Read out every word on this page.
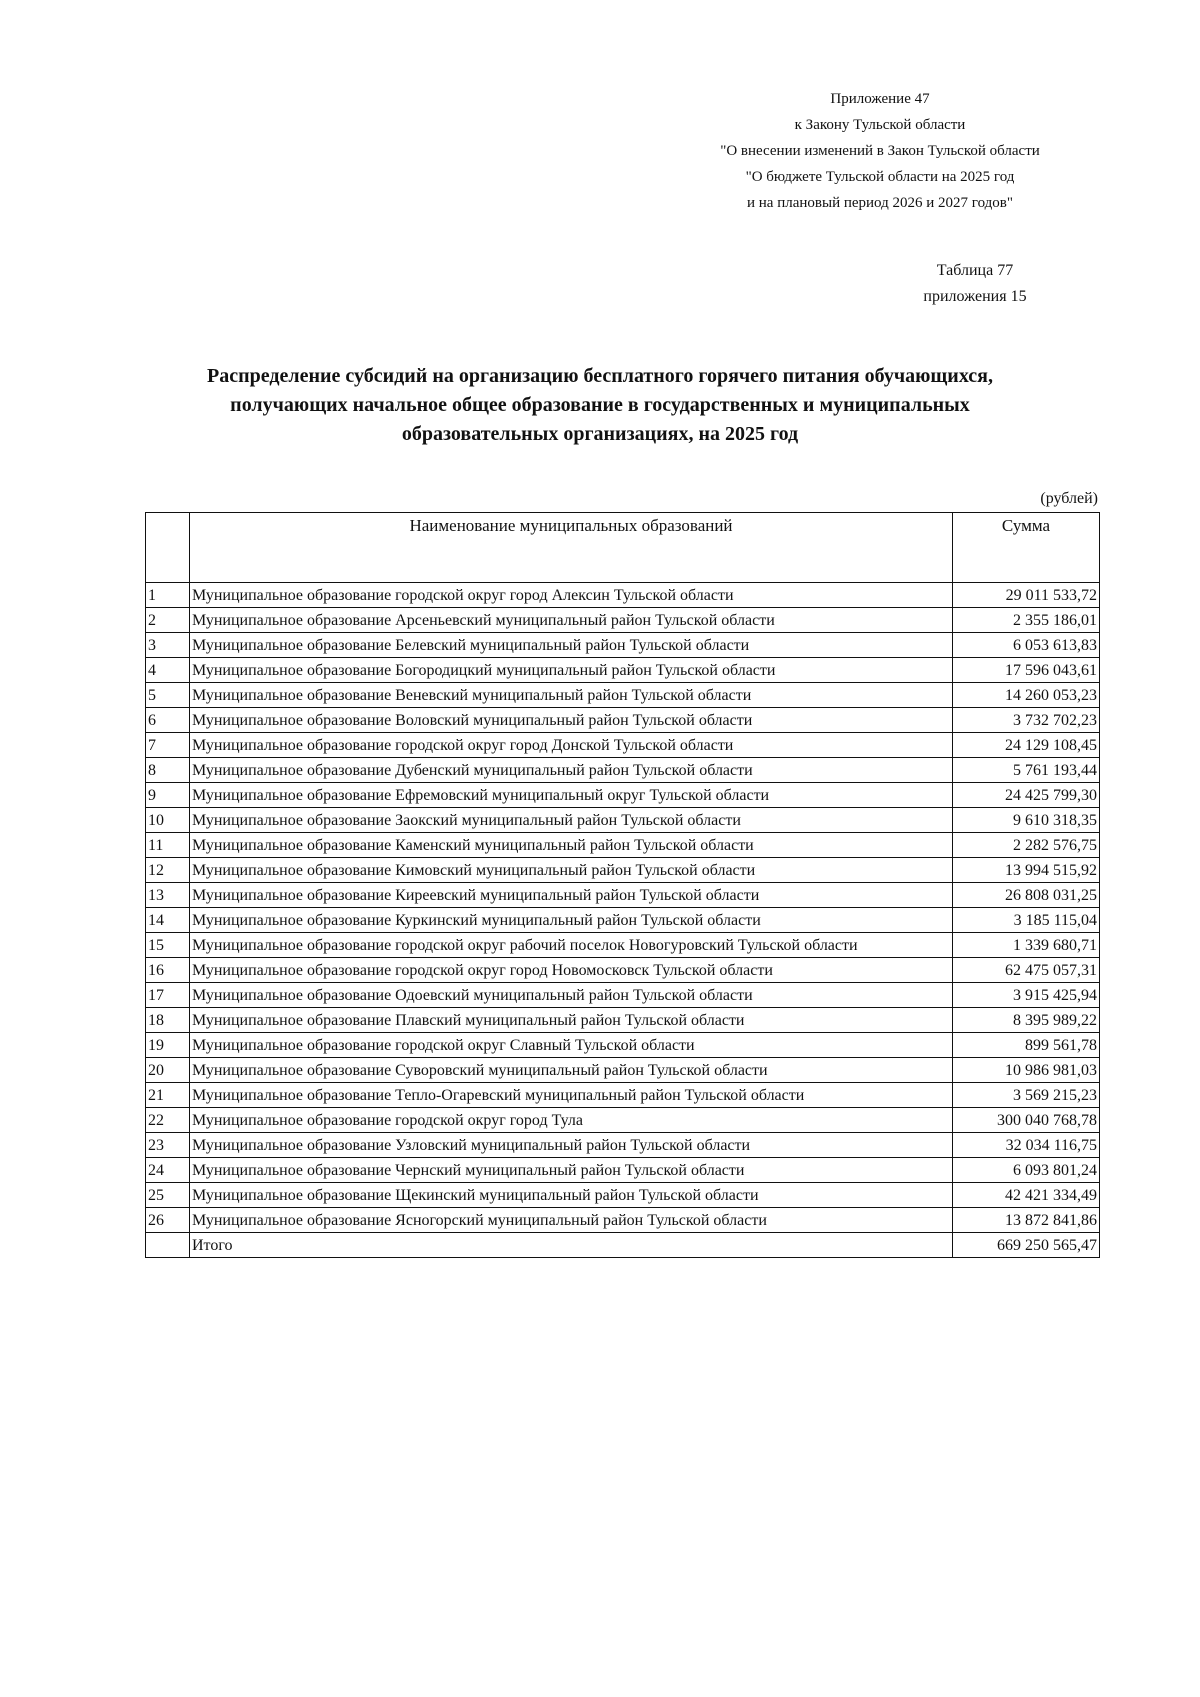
Приложение 47
к Закону Тульской области
"О внесении изменений в Закон Тульской области
"О бюджете Тульской области на 2025 год
и на плановый период 2026 и 2027 годов"
Таблица 77
приложения 15
Распределение субсидий на организацию бесплатного горячего питания обучающихся,
получающих начальное общее образование в государственных и муниципальных
образовательных организациях, на 2025 год
(рублей)
	Наименование муниципальных образований	Сумма
1	Муниципальное образование городской округ город Алексин Тульской области	29 011 533,72
2	Муниципальное образование Арсеньевский муниципальный район Тульской области	2 355 186,01
3	Муниципальное образование Белевский муниципальный район Тульской области	6 053 613,83
4	Муниципальное образование Богородицкий муниципальный район Тульской области	17 596 043,61
5	Муниципальное образование Веневский муниципальный район Тульской области	14 260 053,23
6	Муниципальное образование Воловский муниципальный район Тульской области	3 732 702,23
7	Муниципальное образование городской округ город Донской Тульской области	24 129 108,45
8	Муниципальное образование Дубенский муниципальный район Тульской области	5 761 193,44
9	Муниципальное образование Ефремовский муниципальный округ Тульской области	24 425 799,30
10	Муниципальное образование Заокский муниципальный район Тульской области	9 610 318,35
11	Муниципальное образование Каменский муниципальный район Тульской области	2 282 576,75
12	Муниципальное образование Кимовский муниципальный район Тульской области	13 994 515,92
13	Муниципальное образование Киреевский муниципальный район Тульской области	26 808 031,25
14	Муниципальное образование Куркинский муниципальный район Тульской области	3 185 115,04
15	Муниципальное образование городской округ рабочий поселок Новогуровский Тульской области	1 339 680,71
16	Муниципальное образование городской округ город Новомосковск Тульской области	62 475 057,31
17	Муниципальное образование Одоевский муниципальный район Тульской области	3 915 425,94
18	Муниципальное образование Плавский муниципальный район Тульской области	8 395 989,22
19	Муниципальное образование городской округ Славный Тульской области	899 561,78
20	Муниципальное образование Суворовский муниципальный район Тульской области	10 986 981,03
21	Муниципальное образование Тепло-Огаревский муниципальный район Тульской области	3 569 215,23
22	Муниципальное образование городской округ город Тула	300 040 768,78
23	Муниципальное образование Узловский муниципальный район Тульской области	32 034 116,75
24	Муниципальное образование Чернский муниципальный район Тульской области	6 093 801,24
25	Муниципальное образование Щекинский муниципальный район Тульской области	42 421 334,49
26	Муниципальное образование Ясногорский муниципальный район Тульской области	13 872 841,86
	Итого	669 250 565,47
